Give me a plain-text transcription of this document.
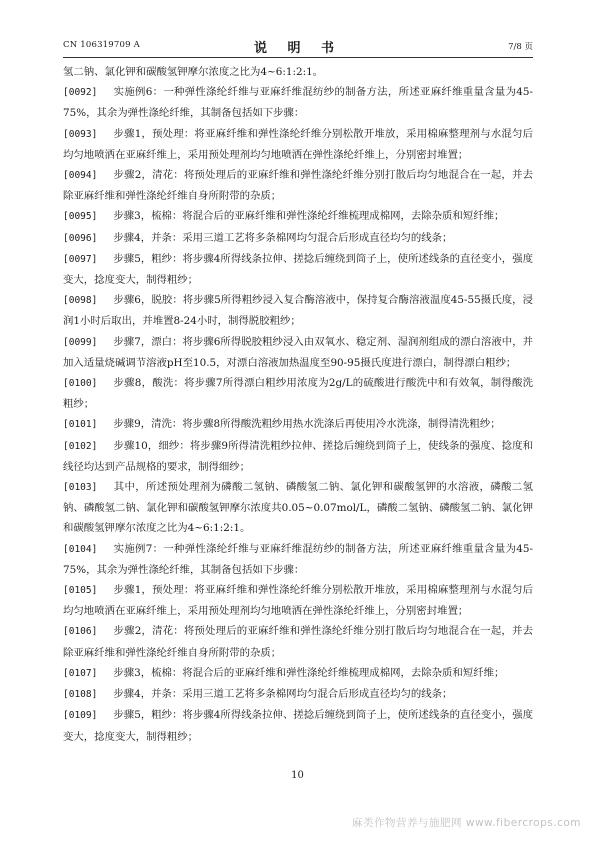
CN 106319709 A	说 明 书	7/8 页

氢二钠、氯化钾和碳酸氢钾摩尔浓度之比为4~6:1:2:1。

[0092] 实施例6：一种弹性涤纶纤维与亚麻纤维混纺纱的制备方法，所述亚麻纤维重量含量为45-75%，其余为弹性涤纶纤维，其制备包括如下步骤：

[0093] 步骤1，预处理：将亚麻纤维和弹性涤纶纤维分别松散开堆放，采用棉麻整理剂与水混匀后均匀地喷洒在亚麻纤维上，采用预处理剂均匀地喷洒在弹性涤纶纤维上，分别密封堆置；

[0094] 步骤2，清花：将预处理后的亚麻纤维和弹性涤纶纤维分别打散后均匀地混合在一起，并去除亚麻纤维和弹性涤纶纤维自身所附带的杂质；

[0095] 步骤3，梳棉：将混合后的亚麻纤维和弹性涤纶纤维梳理成棉网，去除杂质和短纤维；

[0096] 步骤4，并条：采用三道工艺将多条棉网均匀混合后形成直径均匀的线条；

[0097] 步骤5，粗纱：将步骤4所得线条拉伸、搓捻后缠绕到筒子上，使所述线条的直径变小，强度变大，捻度变大，制得粗纱；

[0098] 步骤6，脱胶：将步骤5所得粗纱浸入复合酶溶液中，保持复合酶溶液温度45-55摄氏度，浸润1小时后取出，并堆置8-24小时，制得脱胶粗纱；

[0099] 步骤7，漂白：将步骤6所得脱胶粗纱浸入由双氧水、稳定剂、湿润剂组成的漂白溶液中，并加入适量烧碱调节溶液pH至10.5，对漂白溶液加热温度至90-95摄氏度进行漂白，制得漂白粗纱；

[0100] 步骤8，酸洗：将步骤7所得漂白粗纱用浓度为2g/L的硫酸进行酸洗中和有效氧，制得酸洗粗纱；

[0101] 步骤9，清洗：将步骤8所得酸洗粗纱用热水洗涤后再使用冷水洗涤，制得清洗粗纱；

[0102] 步骤10，细纱：将步骤9所得清洗粗纱拉伸、搓捻后缠绕到筒子上，使线条的强度、捻度和线径均达到产品规格的要求，制得细纱；

[0103] 其中，所述预处理剂为磷酸二氢钠、磷酸氢二钠、氯化钾和碳酸氢钾的水溶液，磷酸二氢钠、磷酸氢二钠、氯化钾和碳酸氢钾摩尔浓度共0.05~0.07mol/L，磷酸二氢钠、磷酸氢二钠、氯化钾和碳酸氢钾摩尔浓度之比为4~6:1:2:1。

[0104] 实施例7：一种弹性涤纶纤维与亚麻纤维混纺纱的制备方法，所述亚麻纤维重量含量为45-75%，其余为弹性涤纶纤维，其制备包括如下步骤：

[0105] 步骤1，预处理：将亚麻纤维和弹性涤纶纤维分别松散开堆放，采用棉麻整理剂与水混匀后均匀地喷洒在亚麻纤维上，采用预处理剂均匀地喷洒在弹性涤纶纤维上，分别密封堆置；

[0106] 步骤2，清花：将预处理后的亚麻纤维和弹性涤纶纤维分别打散后均匀地混合在一起，并去除亚麻纤维和弹性涤纶纤维自身所附带的杂质；

[0107] 步骤3，梳棉：将混合后的亚麻纤维和弹性涤纶纤维梳理成棉网，去除杂质和短纤维；

[0108] 步骤4，并条：采用三道工艺将多条棉网均匀混合后形成直径均匀的线条；

[0109] 步骤5，粗纱：将步骤4所得线条拉伸、搓捻后缠绕到筒子上，使所述线条的直径变小，强度变大，捻度变大，制得粗纱；

10
麻类作物营养与施肥网 www.fibercrops.com
